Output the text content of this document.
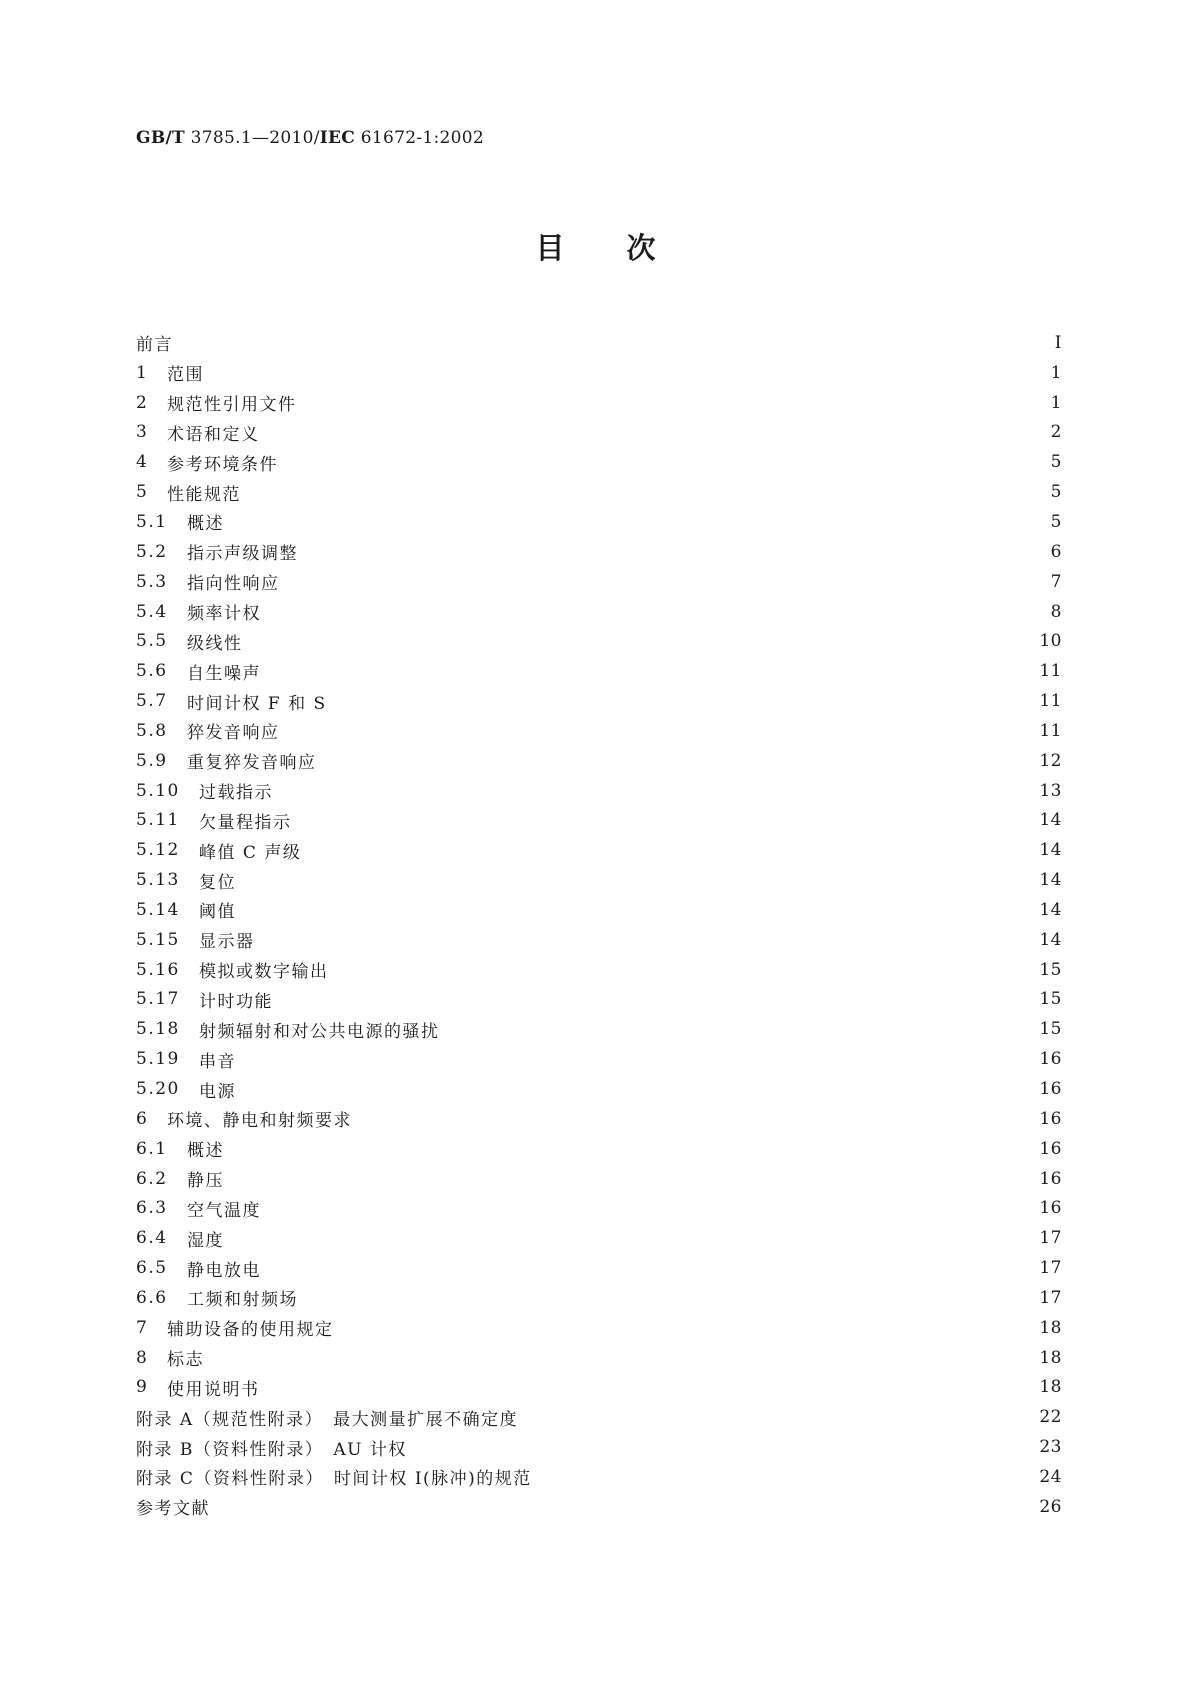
GB/T 3785.1—2010/IEC 61672-1:2002
目次
前言	Ⅰ
1	范围	1
2	规范性引用文件	1
3	术语和定义	2
4	参考环境条件	5
5	性能规范	5
5.1	概述	5
5.2	指示声级调整	6
5.3	指向性响应	7
5.4	频率计权	8
5.5	级线性	10
5.6	自生噪声	11
5.7	时间计权 F 和 S	11
5.8	猝发音响应	11
5.9	重复猝发音响应	12
5.10	过载指示	13
5.11	欠量程指示	14
5.12	峰值 C 声级	14
5.13	复位	14
5.14	阈值	14
5.15	显示器	14
5.16	模拟或数字输出	15
5.17	计时功能	15
5.18	射频辐射和对公共电源的骚扰	15
5.19	串音	16
5.20	电源	16
6	环境、静电和射频要求	16
6.1	概述	16
6.2	静压	16
6.3	空气温度	16
6.4	湿度	17
6.5	静电放电	17
6.6	工频和射频场	17
7	辅助设备的使用规定	18
8	标志	18
9	使用说明书	18
附录 A（规范性附录）　最大测量扩展不确定度	22
附录 B（资料性附录）　AU 计权	23
附录 C（资料性附录）　时间计权 I(脉冲)的规范	24
参考文献	26
